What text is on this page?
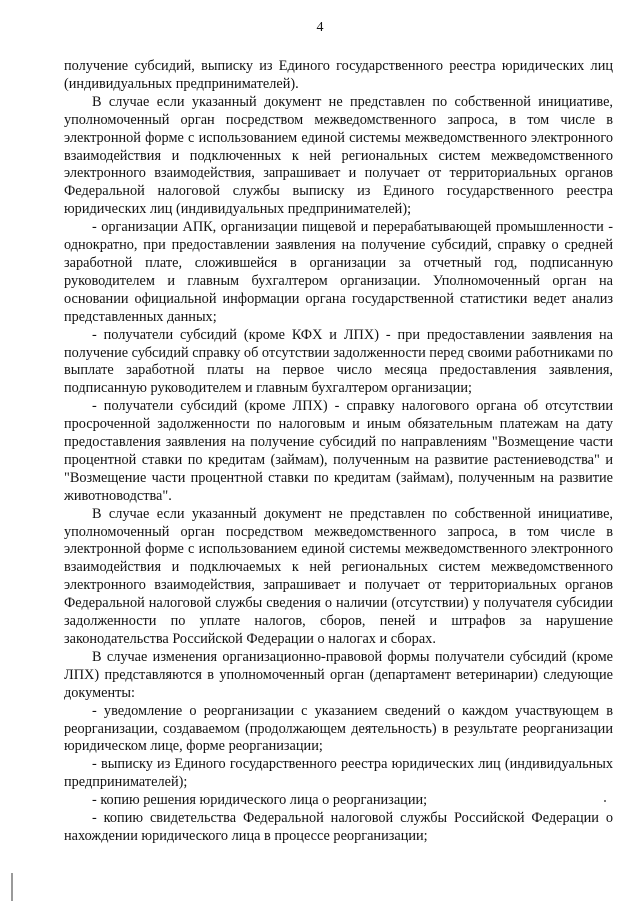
4

получение субсидий, выписку из Единого государственного реестра юридических лиц (индивидуальных предпринимателей).

В случае если указанный документ не представлен по собственной инициативе, уполномоченный орган посредством межведомственного запроса, в том числе в электронной форме с использованием единой системы межведомственного электронного взаимодействия и подключенных к ней региональных систем межведомственного электронного взаимодействия, запрашивает и получает от территориальных органов Федеральной налоговой службы выписку из Единого государственного реестра юридических лиц (индивидуальных предпринимателей);

- организации АПК, организации пищевой и перерабатывающей промышленности - однократно, при предоставлении заявления на получение субсидий, справку о средней заработной плате, сложившейся в организации за отчетный год, подписанную руководителем и главным бухгалтером организации. Уполномоченный орган на основании официальной информации органа государственной статистики ведет анализ представленных данных;

- получатели субсидий (кроме КФХ и ЛПХ) - при предоставлении заявления на получение субсидий справку об отсутствии задолженности перед своими работниками по выплате заработной платы на первое число месяца предоставления заявления, подписанную руководителем и главным бухгалтером организации;

- получатели субсидий (кроме ЛПХ) - справку налогового органа об отсутствии просроченной задолженности по налоговым и иным обязательным платежам на дату предоставления заявления на получение субсидий по направлениям "Возмещение части процентной ставки по кредитам (займам), полученным на развитие растениеводства" и "Возмещение части процентной ставки по кредитам (займам), полученным на развитие животноводства".

В случае если указанный документ не представлен по собственной инициативе, уполномоченный орган посредством межведомственного запроса, в том числе в электронной форме с использованием единой системы межведомственного электронного взаимодействия и подключаемых к ней региональных систем межведомственного электронного взаимодействия, запрашивает и получает от территориальных органов Федеральной налоговой службы сведения о наличии (отсутствии) у получателя субсидии задолженности по уплате налогов, сборов, пеней и штрафов за нарушение законодательства Российской Федерации о налогах и сборах.

В случае изменения организационно-правовой формы получатели субсидий (кроме ЛПХ) представляются в уполномоченный орган (департамент ветеринарии) следующие документы:

- уведомление о реорганизации с указанием сведений о каждом участвующем в реорганизации, создаваемом (продолжающем деятельность) в результате реорганизации юридическом лице, форме реорганизации;

- выписку из Единого государственного реестра юридических лиц (индивидуальных предпринимателей);

- копию решения юридического лица о реорганизации;

- копию свидетельства Федеральной налоговой службы Российской Федерации о нахождении юридического лица в процессе реорганизации;
